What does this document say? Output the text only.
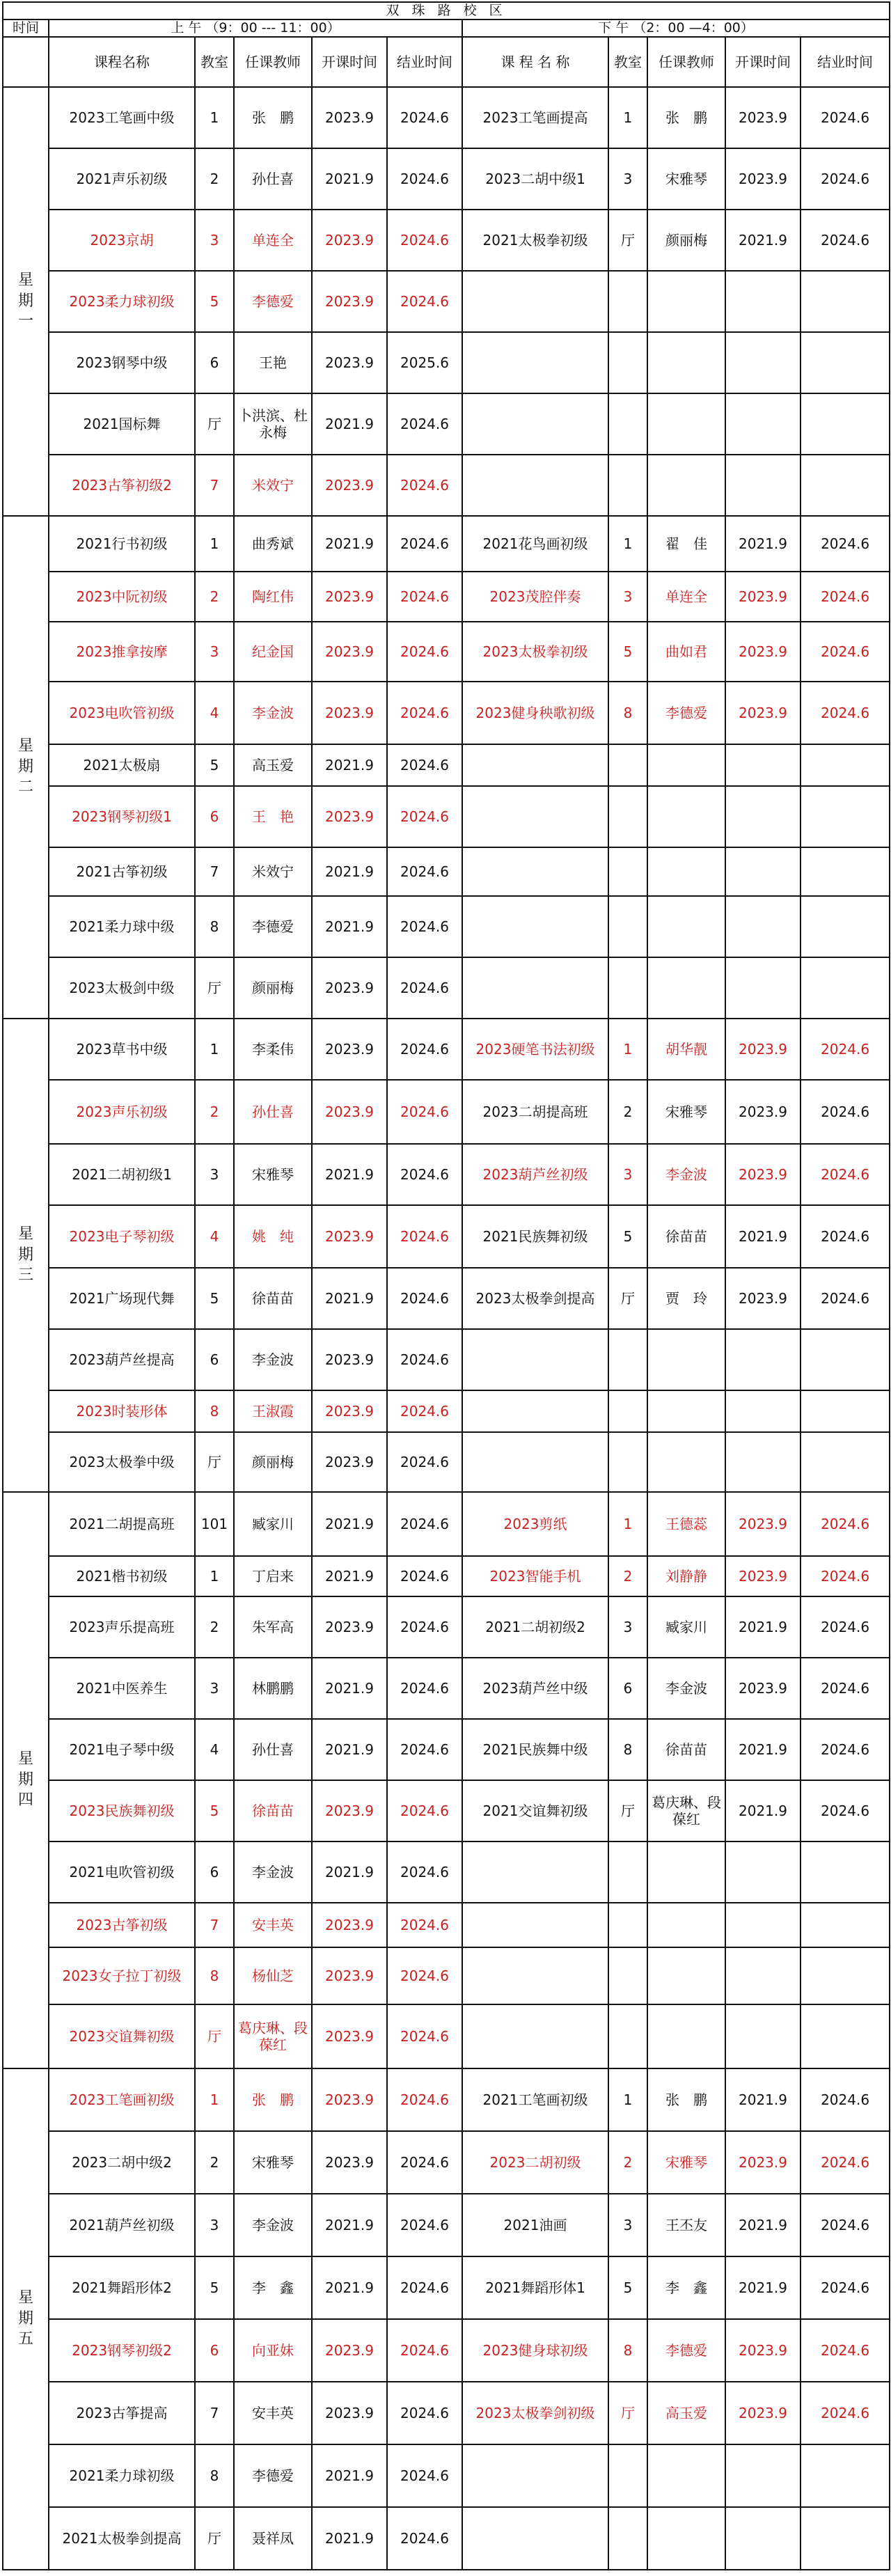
双 珠 路 校 区										
时间	上 午 （9：00 --- 11：00）					下 午 （2：00 —4：00）				
	课程名称	教室	任课教师	开课时间	结业时间	课 程 名 称	教室	任课教师	开课时间	结业时间

星
期
一	2023工笔画中级	1	张　鹏	2023.9	2024.6	2023工笔画提高	1	张　鹏	2023.9	2024.6
	2021声乐初级	2	孙仕喜	2021.9	2024.6	2023二胡中级1	3	宋雅琴	2023.9	2024.6
	2023京胡	3	单连全	2023.9	2024.6	2021太极拳初级	厅	颜丽梅	2021.9	2024.6
	2023柔力球初级	5	李德爱	2023.9	2024.6					
	2023钢琴中级	6	王艳	2023.9	2025.6					
	2021国标舞	厅	卜洪滨、杜永梅	2021.9	2024.6					
	2023古筝初级2	7	米效宁	2023.9	2024.6					

星
期
二	2021行书初级	1	曲秀斌	2021.9	2024.6	2021花鸟画初级	1	翟　佳	2021.9	2024.6
	2023中阮初级	2	陶红伟	2023.9	2024.6	2023茂腔伴奏	3	单连全	2023.9	2024.6
	2023推拿按摩	3	纪金国	2023.9	2024.6	2023太极拳初级	5	曲如君	2023.9	2024.6
	2023电吹管初级	4	李金波	2023.9	2024.6	2023健身秧歌初级	8	李德爱	2023.9	2024.6
	2021太极扇	5	高玉爱	2021.9	2024.6					
	2023钢琴初级1	6	王　艳	2023.9	2024.6					
	2021古筝初级	7	米效宁	2021.9	2024.6					
	2021柔力球中级	8	李德爱	2021.9	2024.6					
	2023太极剑中级	厅	颜丽梅	2023.9	2024.6					

星
期
三	2023草书中级	1	李柔伟	2023.9	2024.6	2023硬笔书法初级	1	胡华靓	2023.9	2024.6
	2023声乐初级	2	孙仕喜	2023.9	2024.6	2023二胡提高班	2	宋雅琴	2023.9	2024.6
	2021二胡初级1	3	宋雅琴	2021.9	2024.6	2023葫芦丝初级	3	李金波	2023.9	2024.6
	2023电子琴初级	4	姚　纯	2023.9	2024.6	2021民族舞初级	5	徐苗苗	2021.9	2024.6
	2021广场现代舞	5	徐苗苗	2021.9	2024.6	2023太极拳剑提高	厅	贾　玲	2023.9	2024.6
	2023葫芦丝提高	6	李金波	2023.9	2024.6					
	2023时装形体	8	王淑霞	2023.9	2024.6					
	2023太极拳中级	厅	颜丽梅	2023.9	2024.6					

星
期
四	2021二胡提高班	101	臧家川	2021.9	2024.6	2023剪纸	1	王德蕊	2023.9	2024.6
	2021楷书初级	1	丁启来	2021.9	2024.6	2023智能手机	2	刘静静	2023.9	2024.6
	2023声乐提高班	2	朱军高	2023.9	2024.6	2021二胡初级2	3	臧家川	2021.9	2024.6
	2021中医养生	3	林鹏鹏	2021.9	2024.6	2023葫芦丝中级	6	李金波	2023.9	2024.6
	2021电子琴中级	4	孙仕喜	2021.9	2024.6	2021民族舞中级	8	徐苗苗	2021.9	2024.6
	2023民族舞初级	5	徐苗苗	2023.9	2024.6	2021交谊舞初级	厅	葛庆琳、段葆红	2021.9	2024.6
	2021电吹管初级	6	李金波	2021.9	2024.6					
	2023古筝初级	7	安丰英	2023.9	2024.6					
	2023女子拉丁初级	8	杨仙芝	2023.9	2024.6					
	2023交谊舞初级	厅	葛庆琳、段葆红	2023.9	2024.6					

星
期
五	2023工笔画初级	1	张　鹏	2023.9	2024.6	2021工笔画初级	1	张　鹏	2021.9	2024.6
	2023二胡中级2	2	宋雅琴	2023.9	2024.6	2023二胡初级	2	宋雅琴	2023.9	2024.6
	2021葫芦丝初级	3	李金波	2021.9	2024.6	2021油画	3	王丕友	2021.9	2024.6
	2021舞蹈形体2	5	李　鑫	2021.9	2024.6	2021舞蹈形体1	5	李　鑫	2021.9	2024.6
	2023钢琴初级2	6	向亚妹	2023.9	2024.6	2023健身球初级	8	李德爱	2023.9	2024.6
	2023古筝提高	7	安丰英	2023.9	2024.6	2023太极拳剑初级	厅	高玉爱	2023.9	2024.6
	2021柔力球初级	8	李德爱	2021.9	2024.6					
	2021太极拳剑提高	厅	聂祥凤	2021.9	2024.6					
